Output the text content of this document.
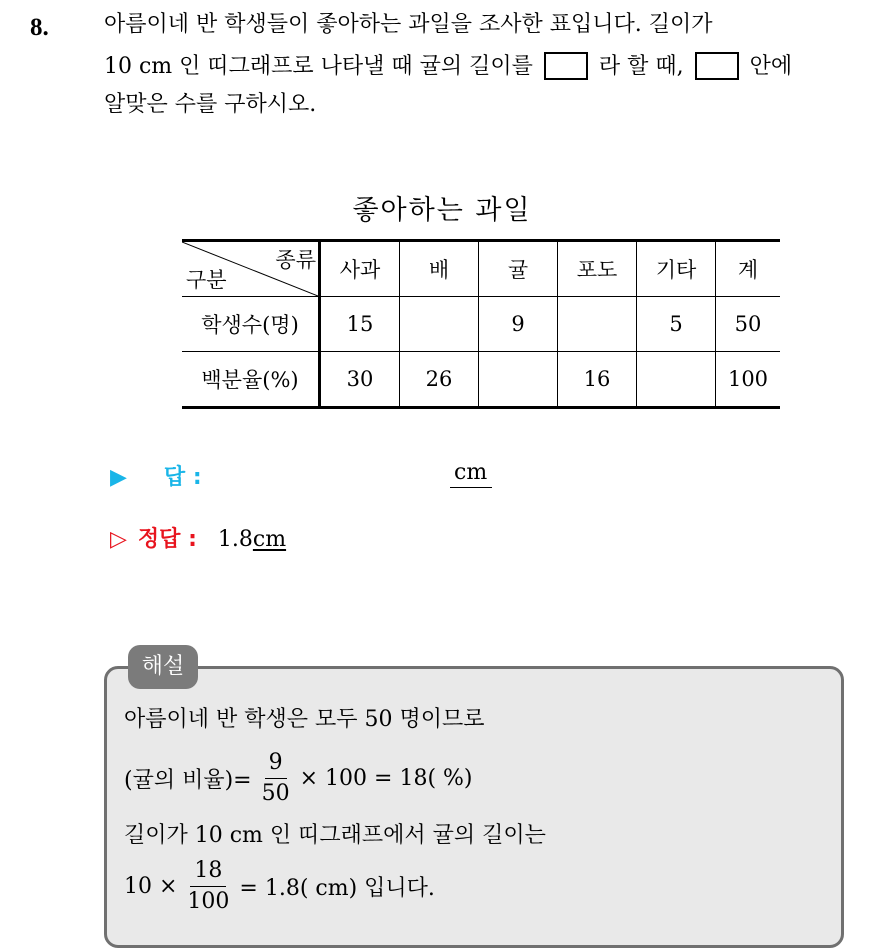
8.	아름이네 반 학생들이 좋아하는 과일을 조사한 표입니다. 길이가
10 cm 인 띠그래프로 나타낼 때 귤의 길이를	라 할 때,	안에
알맞은 수를 구하시오.
좋아하는 과일
종류
구분	사과	배	귤	포도	기타	계
학생수(명)	15		9		5	50
백분율(%)	30	26		16		100
▶ 답 :	cm
▷ 정답 : 1.8cm
해설
아름이네 반 학생은 모두 50 명이므로
(귤의 비율)= $\frac{9}{50} \times 100 = 18$( %)
길이가 10 cm 인 띠그래프에서 귤의 길이는
$10 \times \frac{18}{100} = 1.8$( cm) 입니다.
